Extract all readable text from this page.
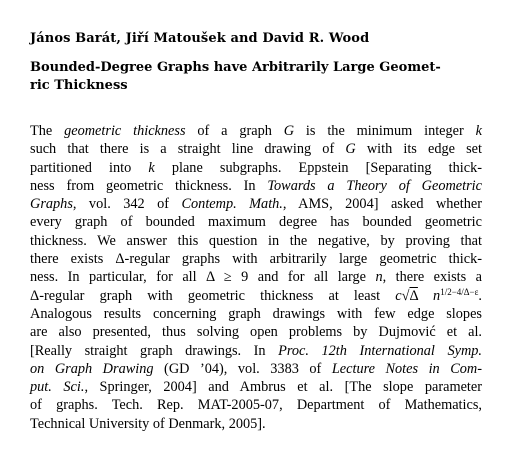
János Barát, Jiří Matoušek and David R. Wood
Bounded-Degree Graphs have Arbitrarily Large Geomet-
ric Thickness
The geometric thickness of a graph G is the minimum integer k
such that there is a straight line drawing of G with its edge set
partitioned into k plane subgraphs. Eppstein [Separating thick-
ness from geometric thickness. In Towards a Theory of Geometric
Graphs, vol. 342 of Contemp. Math., AMS, 2004] asked whether
every graph of bounded maximum degree has bounded geometric
thickness. We answer this question in the negative, by proving that
there exists Δ-regular graphs with arbitrarily large geometric thick-
ness. In particular, for all Δ ≥ 9 and for all large n, there exists a
Δ-regular graph with geometric thickness at least c√Δ $n^{1/2-4/\Delta-\varepsilon}$.
Analogous results concerning graph drawings with few edge slopes
are also presented, thus solving open problems by Dujmović et al.
[Really straight graph drawings. In Proc. 12th International Symp.
on Graph Drawing (GD ’04), vol. 3383 of Lecture Notes in Com-
put. Sci., Springer, 2004] and Ambrus et al. [The slope parameter
of graphs. Tech. Rep. MAT-2005-07, Department of Mathematics,
Technical University of Denmark, 2005].
